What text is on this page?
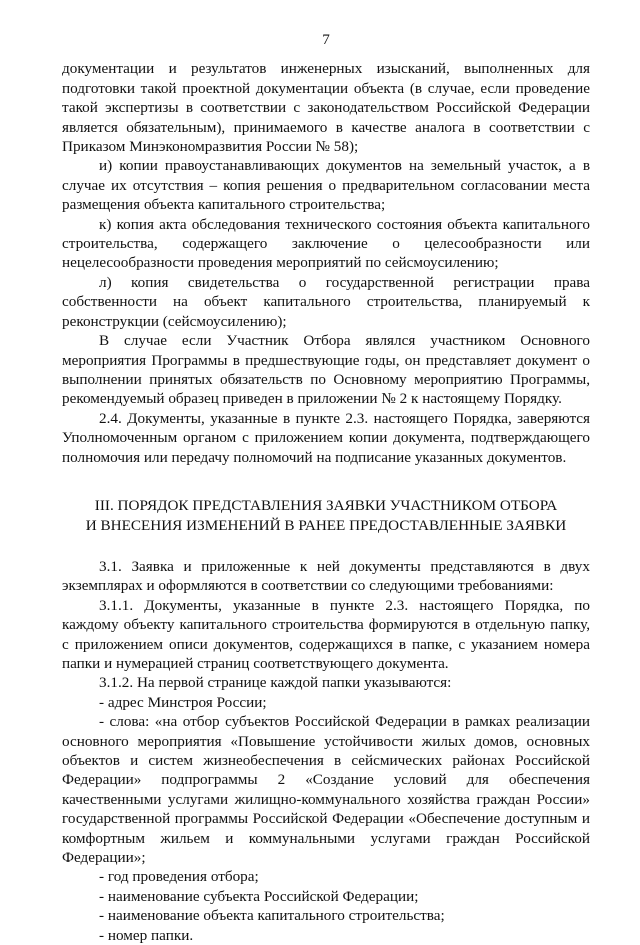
7

документации и результатов инженерных изысканий, выполненных для подготовки такой проектной документации объекта (в случае, если проведение такой экспертизы в соответствии с законодательством Российской Федерации является обязательным), принимаемого в качестве аналога в соответствии с Приказом Минэкономразвития России № 58);

и) копии правоустанавливающих документов на земельный участок, а в случае их отсутствия – копия решения о предварительном согласовании места размещения объекта капитального строительства;

к) копия акта обследования технического состояния объекта капитального строительства, содержащего заключение о целесообразности или нецелесообразности проведения мероприятий по сейсмоусилению;

л) копия свидетельства о государственной регистрации права собственности на объект капитального строительства, планируемый к реконструкции (сейсмоусилению);

В случае если Участник Отбора являлся участником Основного мероприятия Программы в предшествующие годы, он представляет документ о выполнении принятых обязательств по Основному мероприятию Программы, рекомендуемый образец приведен в приложении № 2 к настоящему Порядку.

2.4. Документы, указанные в пункте 2.3. настоящего Порядка, заверяются Уполномоченным органом с приложением копии документа, подтверждающего полномочия или передачу полномочий на подписание указанных документов.

III. ПОРЯДОК ПРЕДСТАВЛЕНИЯ ЗАЯВКИ УЧАСТНИКОМ ОТБОРА
И ВНЕСЕНИЯ ИЗМЕНЕНИЙ В РАНЕЕ ПРЕДОСТАВЛЕННЫЕ ЗАЯВКИ

3.1. Заявка и приложенные к ней документы представляются в двух экземплярах и оформляются в соответствии со следующими требованиями:

3.1.1. Документы, указанные в пункте 2.3. настоящего Порядка, по каждому объекту капитального строительства формируются в отдельную папку, с приложением описи документов, содержащихся в папке, с указанием номера папки и нумерацией страниц соответствующего документа.

3.1.2. На первой странице каждой папки указываются:

- адрес Минстроя России;

- слова: «на отбор субъектов Российской Федерации в рамках реализации основного мероприятия «Повышение устойчивости жилых домов, основных объектов и систем жизнеобеспечения в сейсмических районах Российской Федерации» подпрограммы 2 «Создание условий для обеспечения качественными услугами жилищно-коммунального хозяйства граждан России» государственной программы Российской Федерации «Обеспечение доступным и комфортным жильем и коммунальными услугами граждан Российской Федерации»;

- год проведения отбора;

- наименование субъекта Российской Федерации;

- наименование объекта капитального строительства;

- номер папки.
